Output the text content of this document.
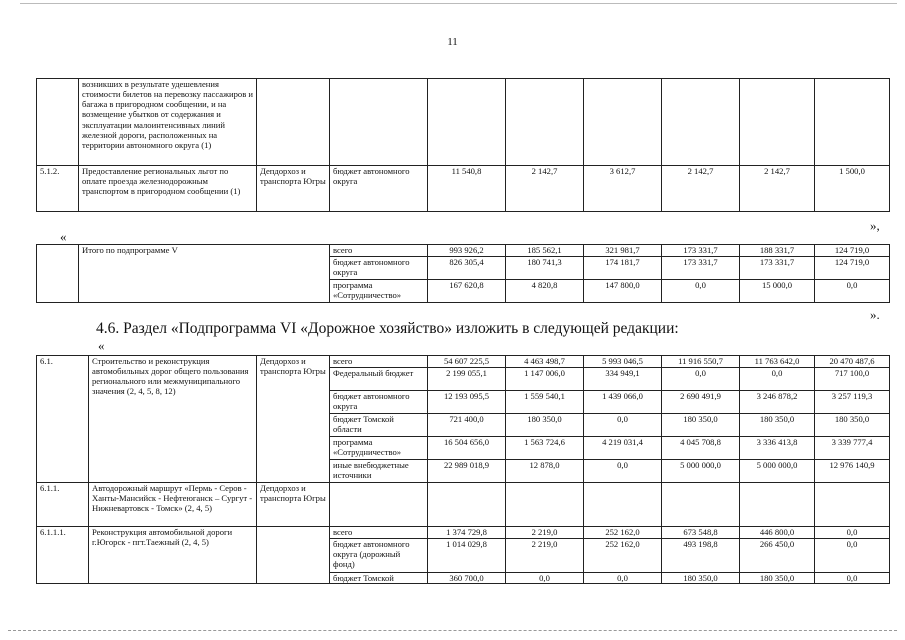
11
	возникших в результате удешевления стоимости билетов на перевозку пассажиров и багажа в пригородном сообщении, и на возмещение убытков от содержания и эксплуатации малоинтенсивных линий железной дороги, расположенных на территории автономного округа (1)								
5.1.2.	Предоставление региональных льгот по оплате проезда железнодорожным транспортом в пригородном сообщении (1)	Депдорхоз и транспорта Югры	бюджет автономного округа	11 540,8	2 142,7	3 612,7	2 142,7	2 142,7	1 500,0
»,
«
	Итого по подпрограмме V	всего	993 926,2	185 562,1	321 981,7	173 331,7	188 331,7	124 719,0
		бюджет автономного округа	826 305,4	180 741,3	174 181,7	173 331,7	173 331,7	124 719,0
		программа «Сотрудничество»	167 620,8	4 820,8	147 800,0	0,0	15 000,0	0,0
».
4.6. Раздел «Подпрограмма VI «Дорожное хозяйство» изложить в следующей редакции:
«
6.1.	Строительство и реконструкция автомобильных дорог общего пользования регионального или межмуниципального значения (2, 4, 5, 8, 12)	Депдорхоз и транспорта Югры	всего	54 607 225,5	4 463 498,7	5 993 046,5	11 916 550,7	11 763 642,0	20 470 487,6
			Федеральный бюджет	2 199 055,1	1 147 006,0	334 949,1	0,0	0,0	717 100,0
			бюджет автономного округа	12 193 095,5	1 559 540,1	1 439 066,0	2 690 491,9	3 246 878,2	3 257 119,3
			бюджет Томской области	721 400,0	180 350,0	0,0	180 350,0	180 350,0	180 350,0
			программа «Сотрудничество»	16 504 656,0	1 563 724,6	4 219 031,4	4 045 708,8	3 336 413,8	3 339 777,4
			иные внебюджетные источники	22 989 018,9	12 878,0	0,0	5 000 000,0	5 000 000,0	12 976 140,9
6.1.1.	Автодорожный маршрут «Пермь - Серов - Ханты-Мансийск - Нефтеюганск – Сургут - Нижневартовск - Томск» (2, 4, 5)	Депдорхоз и транспорта Югры							
6.1.1.1.	Реконструкция автомобильной дороги г.Югорск - пгт.Таежный (2, 4, 5)		всего	1 374 729,8	2 219,0	252 162,0	673 548,8	446 800,0	0,0
			бюджет автономного округа (дорожный фонд)	1 014 029,8	2 219,0	252 162,0	493 198,8	266 450,0	0,0
			бюджет Томской	360 700,0	0,0	0,0	180 350,0	180 350,0	0,0
